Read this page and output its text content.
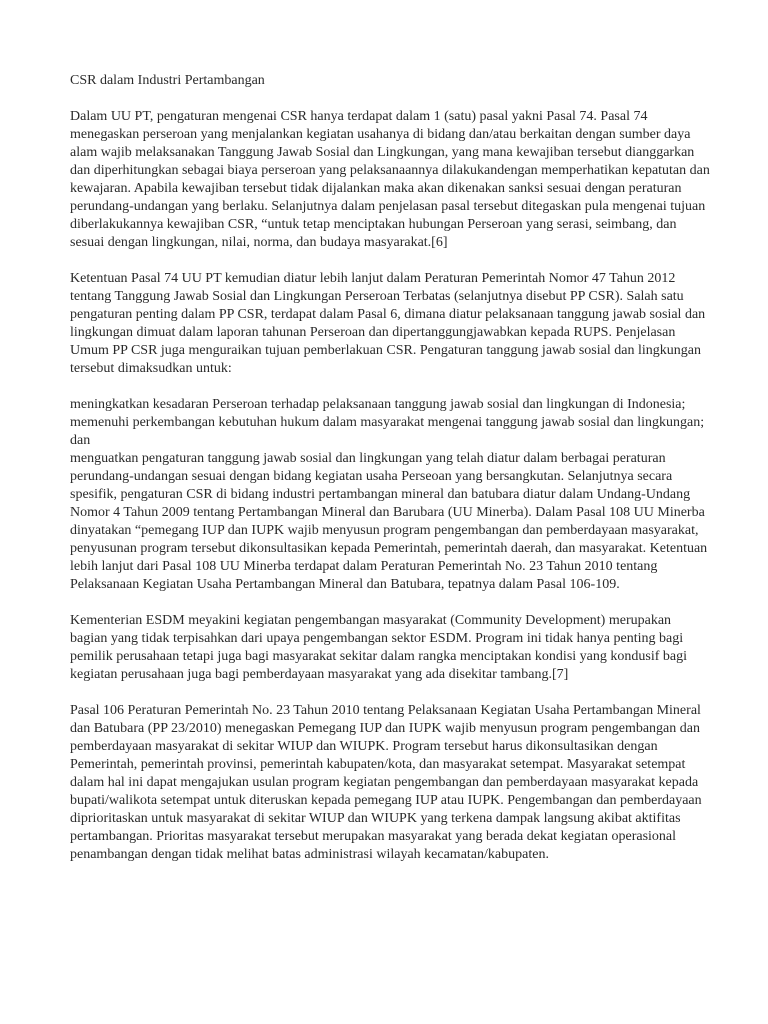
CSR dalam Industri Pertambangan

Dalam UU PT, pengaturan mengenai CSR hanya terdapat dalam 1 (satu) pasal yakni Pasal 74. Pasal 74 menegaskan perseroan yang menjalankan kegiatan usahanya di bidang dan/atau berkaitan dengan sumber daya alam wajib melaksanakan Tanggung Jawab Sosial dan Lingkungan, yang mana kewajiban tersebut dianggarkan dan diperhitungkan sebagai biaya perseroan yang pelaksanaannya dilakukandengan memperhatikan kepatutan dan kewajaran. Apabila kewajiban tersebut tidak dijalankan maka akan dikenakan sanksi sesuai dengan peraturan perundang-undangan yang berlaku. Selanjutnya dalam penjelasan pasal tersebut ditegaskan pula mengenai tujuan diberlakukannya kewajiban CSR, “untuk tetap menciptakan hubungan Perseroan yang serasi, seimbang, dan sesuai dengan lingkungan, nilai, norma, dan budaya masyarakat.[6]

Ketentuan Pasal 74 UU PT kemudian diatur lebih lanjut dalam Peraturan Pemerintah Nomor 47 Tahun 2012 tentang Tanggung Jawab Sosial dan Lingkungan Perseroan Terbatas (selanjutnya disebut PP CSR). Salah satu pengaturan penting dalam PP CSR, terdapat dalam Pasal 6, dimana diatur pelaksanaan tanggung jawab sosial dan lingkungan dimuat dalam laporan tahunan Perseroan dan dipertanggungjawabkan kepada RUPS. Penjelasan Umum PP CSR juga menguraikan tujuan pemberlakuan CSR. Pengaturan tanggung jawab sosial dan lingkungan tersebut dimaksudkan untuk:

meningkatkan kesadaran Perseroan terhadap pelaksanaan tanggung jawab sosial dan lingkungan di Indonesia;

memenuhi perkembangan kebutuhan hukum dalam masyarakat mengenai tanggung jawab sosial dan lingkungan; dan

menguatkan pengaturan tanggung jawab sosial dan lingkungan yang telah diatur dalam berbagai peraturan perundang-undangan sesuai dengan bidang kegiatan usaha Perseoan yang bersangkutan. Selanjutnya secara spesifik, pengaturan CSR di bidang industri pertambangan mineral dan batubara diatur dalam Undang-Undang Nomor 4 Tahun 2009 tentang Pertambangan Mineral dan Barubara (UU Minerba). Dalam Pasal 108 UU Minerba dinyatakan “pemegang IUP dan IUPK wajib menyusun program pengembangan dan pemberdayaan masyarakat, penyusunan program tersebut dikonsultasikan kepada Pemerintah, pemerintah daerah, dan masyarakat. Ketentuan lebih lanjut dari Pasal 108 UU Minerba terdapat dalam Peraturan Pemerintah No. 23 Tahun 2010 tentang Pelaksanaan Kegiatan Usaha Pertambangan Mineral dan Batubara, tepatnya dalam Pasal 106-109.

Kementerian ESDM meyakini kegiatan pengembangan masyarakat (Community Development) merupakan bagian yang tidak terpisahkan dari upaya pengembangan sektor ESDM. Program ini tidak hanya penting bagi pemilik perusahaan tetapi juga bagi masyarakat sekitar dalam rangka menciptakan kondisi yang kondusif bagi kegiatan perusahaan juga bagi pemberdayaan masyarakat yang ada disekitar tambang.[7]

Pasal 106 Peraturan Pemerintah No. 23 Tahun 2010 tentang Pelaksanaan Kegiatan Usaha Pertambangan Mineral dan Batubara (PP 23/2010) menegaskan Pemegang IUP dan IUPK wajib menyusun program pengembangan dan pemberdayaan masyarakat di sekitar WIUP dan WIUPK. Program tersebut harus dikonsultasikan dengan Pemerintah, pemerintah provinsi, pemerintah kabupaten/kota, dan masyarakat setempat. Masyarakat setempat dalam hal ini dapat mengajukan usulan program kegiatan pengembangan dan pemberdayaan masyarakat kepada bupati/walikota setempat untuk diteruskan kepada pemegang IUP atau IUPK. Pengembangan dan pemberdayaan diprioritaskan untuk masyarakat di sekitar WIUP dan WIUPK yang terkena dampak langsung akibat aktifitas pertambangan. Prioritas masyarakat tersebut merupakan masyarakat yang berada dekat kegiatan operasional penambangan dengan tidak melihat batas administrasi wilayah kecamatan/kabupaten.
